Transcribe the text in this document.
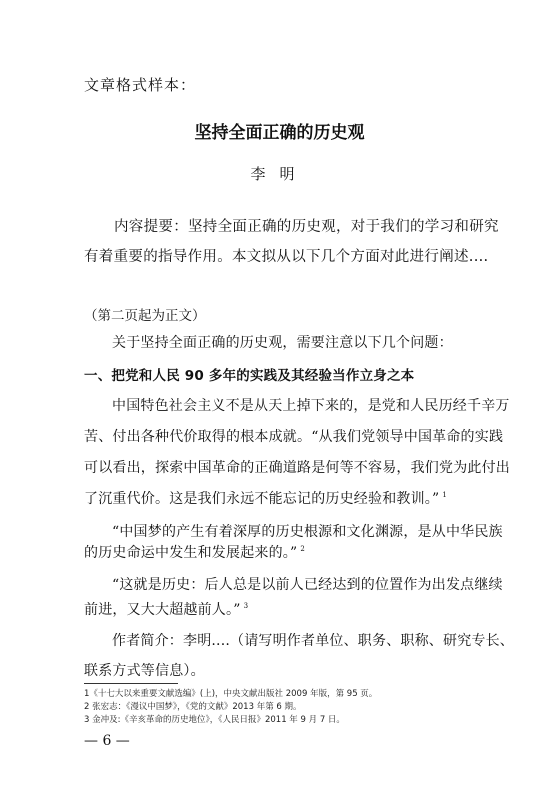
文章格式样本：
坚持全面正确的历史观
李明
内容提要：坚持全面正确的历史观，对于我们的学习和研究
有着重要的指导作用。本文拟从以下几个方面对此进行阐述....
（第二页起为正文）
关于坚持全面正确的历史观，需要注意以下几个问题：
一、把党和人民 90 多年的实践及其经验当作立身之本
中国特色社会主义不是从天上掉下来的，是党和人民历经千辛万
苦、付出各种代价取得的根本成就。“从我们党领导中国革命的实践
可以看出，探索中国革命的正确道路是何等不容易，我们党为此付出
了沉重代价。这是我们永远不能忘记的历史经验和教训。” $^1$
“中国梦的产生有着深厚的历史根源和文化渊源，是从中华民族
的历史命运中发生和发展起来的。” $^2$
“这就是历史：后人总是以前人已经达到的位置作为出发点继续
前进，又大大超越前人。” $^3$
作者简介：李明....（请写明作者单位、职务、职称、研究专长、
联系方式等信息）。
1《十七大以来重要文献选编》(上)，中央文献出版社 2009 年版，第 95 页。
2 张宏志：《漫议中国梦》，《党的文献》2013 年第 6 期。
3 金冲及:《辛亥革命的历史地位》，《人民日报》2011 年 9 月 7 日。
— 6 —
